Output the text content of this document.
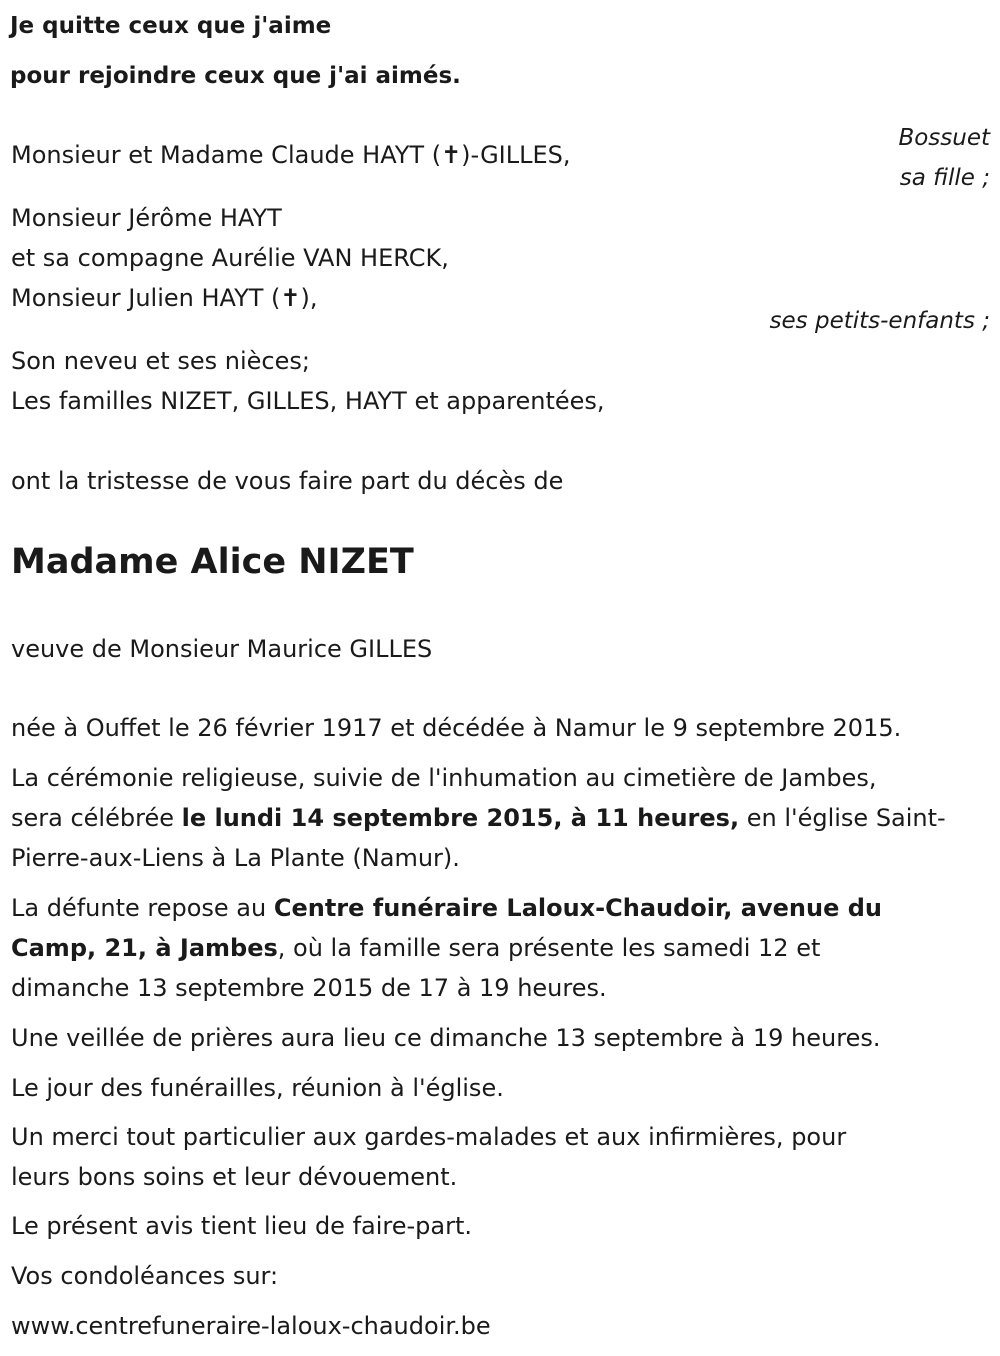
Je quitte ceux que j'aime
pour rejoindre ceux que j'ai aimés.
Monsieur et Madame Claude HAYT (✝)-GILLES,
Bossuet
sa fille ;
Monsieur Jérôme HAYT
et sa compagne Aurélie VAN HERCK,
Monsieur Julien HAYT (✝),
ses petits-enfants ;
Son neveu et ses nièces;
Les familles NIZET, GILLES, HAYT et apparentées,
ont la tristesse de vous faire part du décès de
Madame Alice NIZET
veuve de Monsieur Maurice GILLES
née à Ouffet le 26 février 1917 et décédée à Namur le 9 septembre 2015.
La cérémonie religieuse, suivie de l'inhumation au cimetière de Jambes,
sera célébrée le lundi 14 septembre 2015, à 11 heures, en l'église Saint-
Pierre-aux-Liens à La Plante (Namur).
La défunte repose au Centre funéraire Laloux-Chaudoir, avenue du
Camp, 21, à Jambes, où la famille sera présente les samedi 12 et
dimanche 13 septembre 2015 de 17 à 19 heures.
Une veillée de prières aura lieu ce dimanche 13 septembre à 19 heures.
Le jour des funérailles, réunion à l'église.
Un merci tout particulier aux gardes-malades et aux infirmières, pour
leurs bons soins et leur dévouement.
Le présent avis tient lieu de faire-part.
Vos condoléances sur:
www.centrefuneraire-laloux-chaudoir.be
